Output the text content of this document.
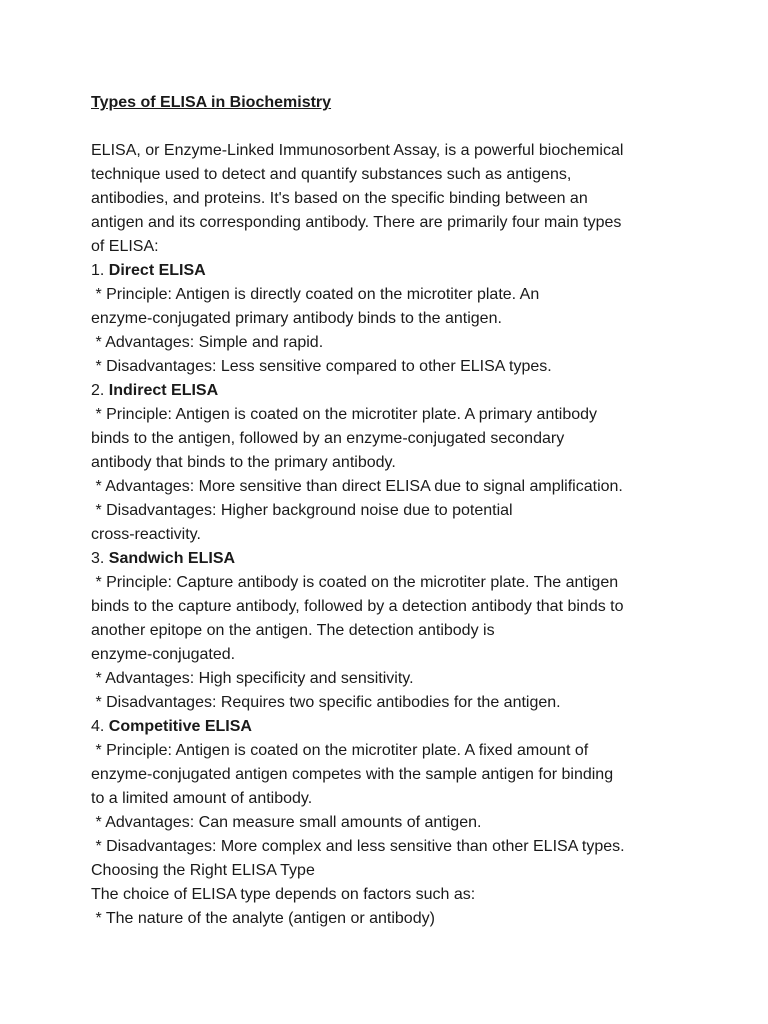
Types of ELISA in Biochemistry

ELISA, or Enzyme-Linked Immunosorbent Assay, is a powerful biochemical

technique used to detect and quantify substances such as antigens,

antibodies, and proteins. It's based on the specific binding between an

antigen and its corresponding antibody. There are primarily four main types

of ELISA:

1. Direct ELISA

* Principle: Antigen is directly coated on the microtiter plate. An

enzyme-conjugated primary antibody binds to the antigen.

* Advantages: Simple and rapid.

* Disadvantages: Less sensitive compared to other ELISA types.

2. Indirect ELISA

* Principle: Antigen is coated on the microtiter plate. A primary antibody

binds to the antigen, followed by an enzyme-conjugated secondary

antibody that binds to the primary antibody.

* Advantages: More sensitive than direct ELISA due to signal amplification.

* Disadvantages: Higher background noise due to potential

cross-reactivity.

3. Sandwich ELISA

* Principle: Capture antibody is coated on the microtiter plate. The antigen

binds to the capture antibody, followed by a detection antibody that binds to

another epitope on the antigen. The detection antibody is

enzyme-conjugated.

* Advantages: High specificity and sensitivity.

* Disadvantages: Requires two specific antibodies for the antigen.

4. Competitive ELISA

* Principle: Antigen is coated on the microtiter plate. A fixed amount of

enzyme-conjugated antigen competes with the sample antigen for binding

to a limited amount of antibody.

* Advantages: Can measure small amounts of antigen.

* Disadvantages: More complex and less sensitive than other ELISA types.

Choosing the Right ELISA Type

The choice of ELISA type depends on factors such as:

* The nature of the analyte (antigen or antibody)
